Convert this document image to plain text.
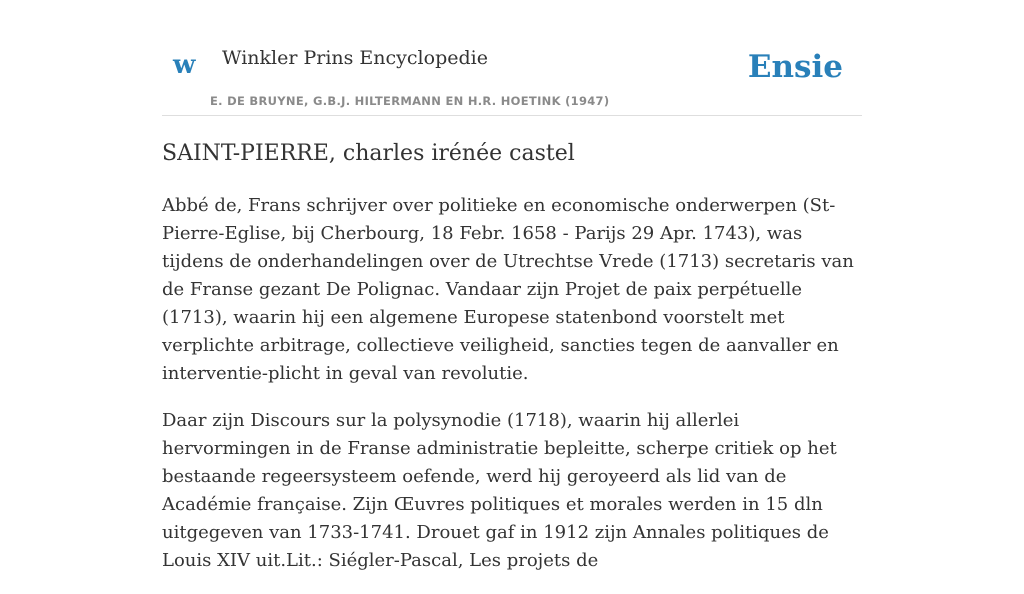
w Winkler Prins Encyclopedie
E. DE BRUYNE, G.B.J. HILTERMANN EN H.R. HOETINK (1947)
Ensie
SAINT-PIERRE, charles irénée castel

Abbé de, Frans schrijver over politieke en economische onderwerpen (St-Pierre-Eglise, bij Cherbourg, 18 Febr. 1658 - Parijs 29 Apr. 1743), was tijdens de onderhandelingen over de Utrechtse Vrede (1713) secretaris van de Franse gezant De Polignac. Vandaar zijn Projet de paix perpétuelle (1713), waarin hij een algemene Europese statenbond voorstelt met verplichte arbitrage, collectieve veiligheid, sancties tegen de aanvaller en interventie-plicht in geval van revolutie.

Daar zijn Discours sur la polysynodie (1718), waarin hij allerlei hervormingen in de Franse administratie bepleitte, scherpe critiek op het bestaande regeersysteem oefende, werd hij geroyeerd als lid van de Académie française. Zijn Œuvres politiques et morales werden in 15 dln uitgegeven van 1733-1741. Drouet gaf in 1912 zijn Annales politiques de Louis XIV uit.Lit.: Siégler-Pascal, Les projets de
